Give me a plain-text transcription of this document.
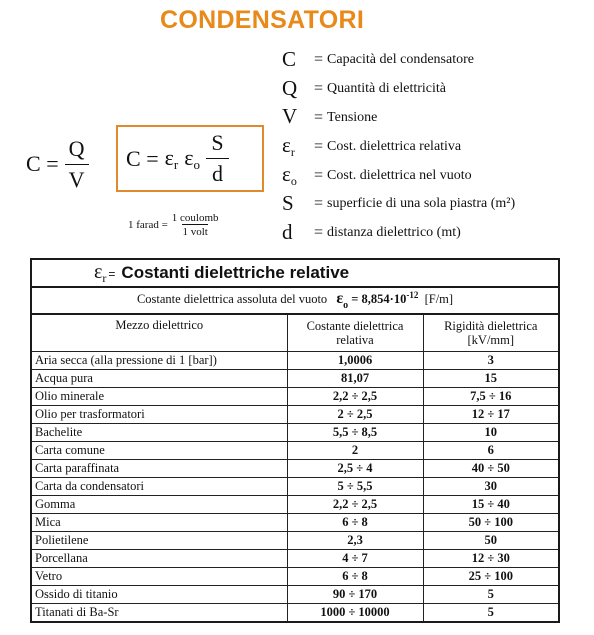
CONDENSATORI
$C = \frac{Q}{V}$ $C = \varepsilon_r$ $\varepsilon_o \frac{S}{d}$
1 farad = $\frac{\text{1 coulomb}}{\text{1 volt}}$
C	= Capacità del condensatore
Q	= Quantità di elettricità
V	= Tensione
$\varepsilon_r$	= Cost. dielettrica relativa
$\varepsilon_o$	= Cost. dielettrica nel vuoto
S	= superficie di una sola piastra (m²)
d	= distanza dielettrico (mt)
$\varepsilon_r$ = Costanti dielettriche relative		
Costante dielettrica assoluta del vuoto $\varepsilon_o = 8,854\cdot 10^{-12}$ [F/m]		
Mezzo dielettrico	Costante dielettrica relativa	Rigidità dielettrica [kV/mm]
Aria secca (alla pressione di 1 [bar])	1,0006	3
Acqua pura	81,07	15
Olio minerale	2,2 ÷ 2,5	7,5 ÷ 16
Olio per trasformatori	2 ÷ 2,5	12 ÷ 17
Bachelite	5,5 ÷ 8,5	10
Carta comune	2	6
Carta paraffinata	2,5 ÷ 4	40 ÷ 50
Carta da condensatori	5 ÷ 5,5	30
Gomma	2,2 ÷ 2,5	15 ÷ 40
Mica	6 ÷ 8	50 ÷ 100
Polietilene	2,3	50
Porcellana	4 ÷ 7	12 ÷ 30
Vetro	6 ÷ 8	25 ÷ 100
Ossido di titanio	90 ÷ 170	5
Titanati di Ba-Sr	1000 ÷ 10000	5
